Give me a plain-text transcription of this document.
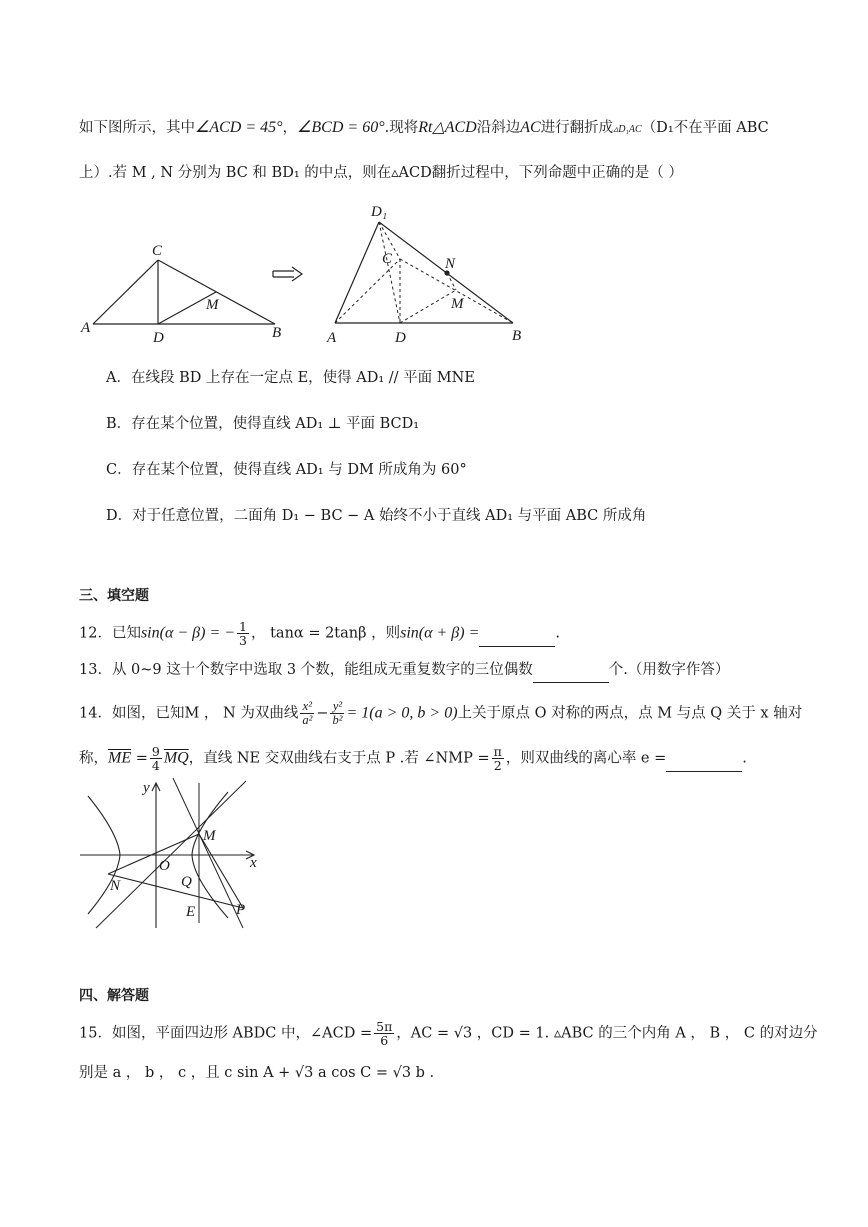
如下图所示，其中∠ACD = 45°，∠BCD = 60°.现将Rt△ACD沿斜边AC进行翻折成▵D₁AC（D₁不在平面 ABC
上）.若 M , N 分别为 BC 和 BD₁ 的中点，则在▵ACD翻折过程中，下列命题中正确的是（ ）
C
A
D	B
M
D₁
C	N
M
A	D	B
A．在线段 BD 上存在一定点 E，使得 AD₁ // 平面 MNE
B．存在某个位置，使得直线 AD₁ ⊥ 平面 BCD₁
C．存在某个位置，使得直线 AD₁ 与 DM 所成角为 60°
D．对于任意位置，二面角 D₁ − BC − A 始终不小于直线 AD₁ 与平面 ABC 所成角
三、填空题
12．已知sin(α − β) = − $\frac{1}{3}$ ， tanα = 2tanβ ，则sin(α + β) =	.
13．从 0~9 这十个数字中选取 3 个数，能组成无重复数字的三位偶数	个.（用数字作答）
14．如图，已知M ， N 为双曲线 $\frac{\text{x²}}{\text{a²}} - \frac{\text{y²}}{\text{b²}} = 1(a > 0$, b > 0)上关于原点 O 对称的两点，点 M 与点 Q 关于 x 轴对
称，$\overline{ME} = \frac{9}{4} \overline{MQ}$，直线 NE 交双曲线右支于点 P .若 ∠NMP = $\frac{\pi}{2}$ ，则双曲线的离心率 e =	.
y
x
O
M
N	Q
E	P
四、解答题
15．如图，平面四边形 ABDC 中，∠ACD = $\frac{5\pi}{6}$ ，AC = √3 ，CD = 1. ▵ABC 的三个内角 A ， B ， C 的对边分
别是 a ， b ， c ，且 c sin A + √3 a cos C = √3 b .
